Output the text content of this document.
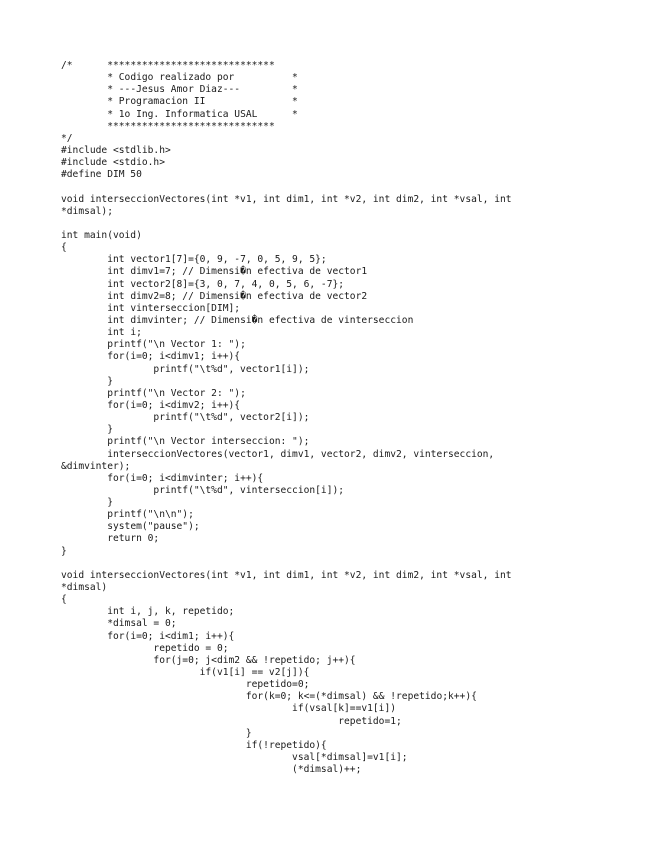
/*	*****************************
	* Codigo realizado por		*
	* ---Jesus Amor Diaz---		*
	* Programacion II		*
	* 1o Ing. Informatica USAL	*
	*****************************
*/
#include <stdlib.h>
#include <stdio.h>
#define DIM 50
void interseccionVectores(int *v1, int dim1, int *v2, int dim2, int *vsal, int
*dimsal);
int main(void)
{
	int vector1[7]={0, 9, -7, 0, 5, 9, 5};
	int dimv1=7; // Dimensi�n efectiva de vector1
	int vector2[8]={3, 0, 7, 4, 0, 5, 6, -7};
	int dimv2=8; // Dimensi�n efectiva de vector2
	int vinterseccion[DIM];
	int dimvinter; // Dimensi�n efectiva de vinterseccion
	int i;
	printf("\n Vector 1: ");
	for(i=0; i<dimv1; i++){
		printf("\t%d", vector1[i]);
	}
	printf("\n Vector 2: ");
	for(i=0; i<dimv2; i++){
		printf("\t%d", vector2[i]);
	}
	printf("\n Vector interseccion: ");
	interseccionVectores(vector1, dimv1, vector2, dimv2, vinterseccion,
&dimvinter);
	for(i=0; i<dimvinter; i++){
		printf("\t%d", vinterseccion[i]);
	}
	printf("\n\n");
	system("pause");
	return 0;
}
void interseccionVectores(int *v1, int dim1, int *v2, int dim2, int *vsal, int
*dimsal)
{
	int i, j, k, repetido;
	*dimsal = 0;
	for(i=0; i<dim1; i++){
		repetido = 0;
		for(j=0; j<dim2 && !repetido; j++){
			if(v1[i] == v2[j]){
				repetido=0;
				for(k=0; k<=(*dimsal) && !repetido;k++){
					if(vsal[k]==v1[i])
						repetido=1;
				}
				if(!repetido){
					vsal[*dimsal]=v1[i];
					(*dimsal)++;
